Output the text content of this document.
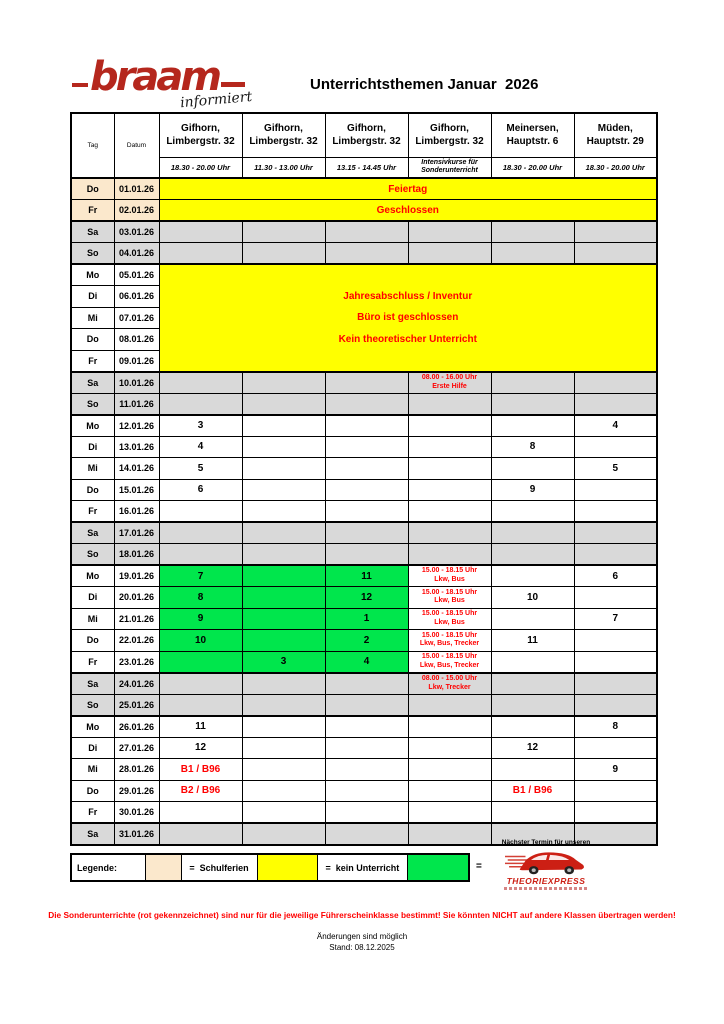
braam
informiert
Unterrichtsthemen Januar  2026
Tag	Datum

Gifhorn,
Limbergstr. 32

Gifhorn,
Limbergstr. 32

Gifhorn,
Limbergstr. 32

Gifhorn,
Limbergstr. 32

Meinersen,
Hauptstr. 6

Müden,
Hauptstr. 29

		18.30 - 20.00 Uhr	11.30 - 13.00 Uhr	13.15 - 14.45 Uhr	Intensivkurse für
Sonderunterricht	18.30 - 20.00 Uhr	18.30 - 20.00 Uhr

Do	01.01.26	Feiertag					

Fr	02.01.26	Geschlossen					

Sa	03.01.26						

So	04.01.26						

Mo	05.01.26	Jahresabschluss / Inventur
Büro ist geschlossen
Kein theoretischer Unterricht					

Di	06.01.26						

Mi	07.01.26						

Do	08.01.26						

Fr	09.01.26						

Sa	10.01.26				08.00 - 16.00 Uhr
Erste Hilfe		

So	11.01.26						

Mo	12.01.26	3					4

Di	13.01.26	4				8	

Mi	14.01.26	5					5

Do	15.01.26	6				9	

Fr	16.01.26						

Sa	17.01.26						

So	18.01.26						

Mo	19.01.26	7		11	15.00 - 18.15 Uhr
Lkw, Bus		6

Di	20.01.26	8		12	15.00 - 18.15 Uhr
Lkw, Bus	10	

Mi	21.01.26	9		1	15.00 - 18.15 Uhr
Lkw, Bus		7

Do	22.01.26	10		2	15.00 - 18.15 Uhr
Lkw, Bus, Trecker	11	

Fr	23.01.26		3	4	15.00 - 18.15 Uhr
Lkw, Bus, Trecker		

Sa	24.01.26				08.00 - 15.00 Uhr
Lkw, Trecker		

So	25.01.26						

Mo	26.01.26	11					8

Di	27.01.26	12				12	

Mi	28.01.26	B1 / B96					9

Do	29.01.26	B2 / B96				B1 / B96	

Fr	30.01.26						

Sa	31.01.26						

Legende:	=  Schulferien	=  kein Unterricht	=
Nächster Termin für unseren
THEORIEXPRESS
Die Sonderunterrichte (rot gekennzeichnet) sind nur für die jeweilige Führerscheinklasse bestimmt! Sie könnten NICHT auf andere Klassen übertragen werden!
Änderungen sind möglich
Stand: 08.12.2025
